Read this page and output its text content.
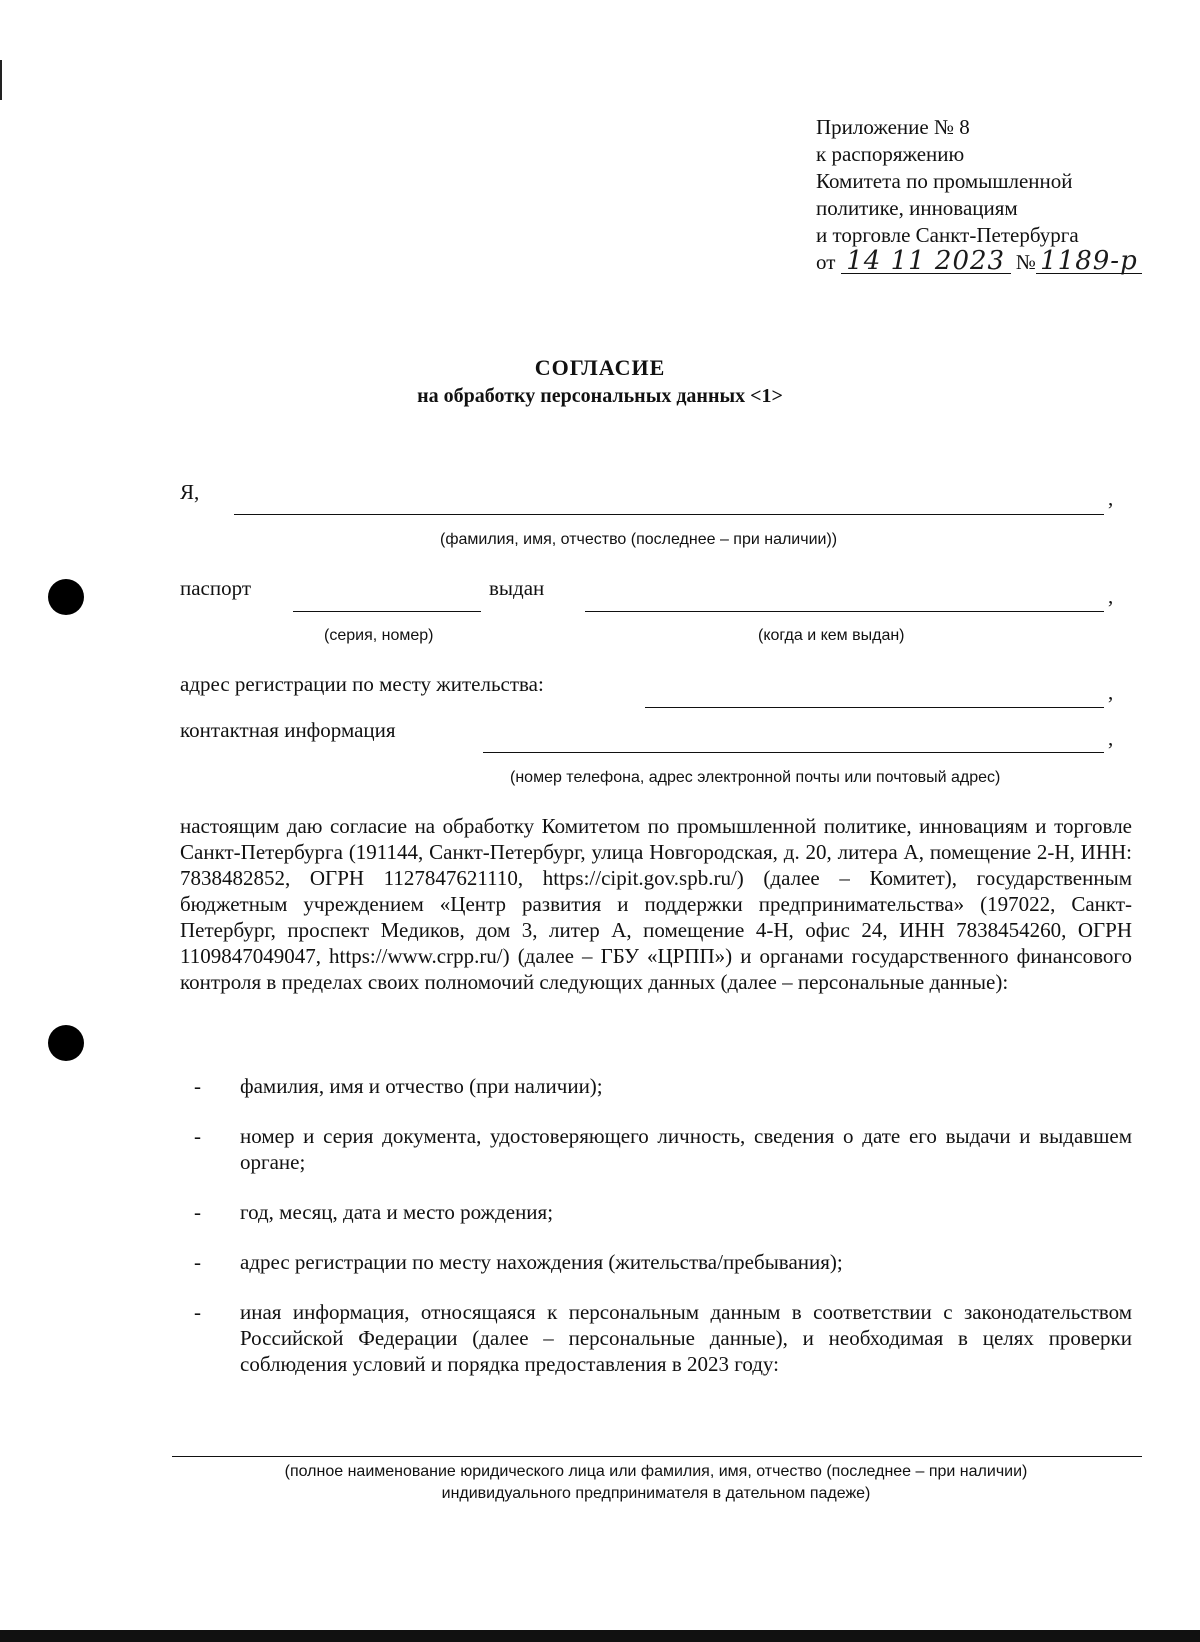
Приложение № 8
к распоряжению
Комитета по промышленной
политике, инновациям
и торговле Санкт-Петербурга
от 14 11 2023 № 1189-р
СОГЛАСИЕ
на обработку персональных данных <1>
Я,	,
(фамилия, имя, отчество (последнее – при наличии))
паспорт	выдан	,
(серия, номер)	(когда и кем выдан)
адрес регистрации по месту жительства:	,
контактная информация	,
(номер телефона, адрес электронной почты или почтовый адрес)
настоящим даю согласие на обработку Комитетом по промышленной политике, инновациям и торговле Санкт-Петербурга (191144, Санкт-Петербург, улица Новгородская, д. 20, литера А, помещение 2-Н, ИНН: 7838482852, ОГРН 1127847621110, https://cipit.gov.spb.ru/) (далее – Комитет), государственным бюджетным учреждением «Центр развития и поддержки предпринимательства» (197022, Санкт-Петербург, проспект Медиков, дом 3, литер А, помещение 4-Н, офис 24, ИНН 7838454260, ОГРН 1109847049047, https://www.crpp.ru/) (далее – ГБУ «ЦРПП») и органами государственного финансового контроля в пределах своих полномочий следующих данных (далее – персональные данные):
- фамилия, имя и отчество (при наличии);
- номер и серия документа, удостоверяющего личность, сведения о дате его выдачи и выдавшем органе;
- год, месяц, дата и место рождения;
- адрес регистрации по месту нахождения (жительства/пребывания);
- иная информация, относящаяся к персональным данным в соответствии с законодательством Российской Федерации (далее – персональные данные), и необходимая в целях проверки соблюдения условий и порядка предоставления в 2023 году:
(полное наименование юридического лица или фамилия, имя, отчество (последнее – при наличии)
индивидуального предпринимателя в дательном падеже)
